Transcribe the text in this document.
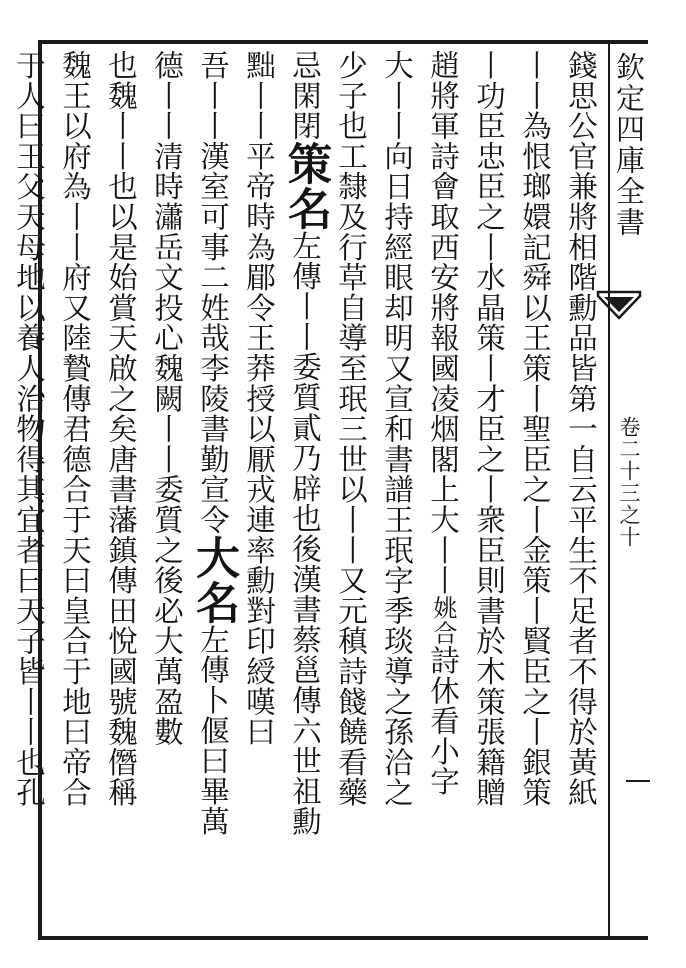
欽定四庫全書
卷二十三之十
錢思公官兼將相階勳品皆第一自云平生不足者不得於黃紙
丨丨為恨瑯嬛記舜以王策丨聖臣之丨金策丨賢臣之丨銀策
丨功臣忠臣之丨水晶策丨才臣之丨衆臣則書於木策張籍贈
趙將軍詩會取西安將報國凌烟閣上大丨丨姚合詩休看小字
大丨丨向日持經眼却明又宣和書譜王珉字季琰導之孫洽之
少子也工隸及行草自導至珉三世以丨丨又元稹詩餞饒看藥
忌閑閉策名左傳丨丨委質貳乃辟也後漢書蔡邕傳六世祖勳
黜丨丨平帝時為郿令王莽授以厭戎連率勳對印綬嘆曰
吾丨丨漢室可事二姓哉李陵書勤宣令大名左傳卜偃曰畢萬
德丨丨清時瀟岳文投心魏闕丨丨委質之後必大萬盈數
也魏丨丨也以是始賞天啟之矣唐書藩鎮傳田悅國號魏僭稱
魏王以府為丨丨府又陸贄傳君德合于天曰皇合于地曰帝合
于人曰王父天母地以養人治物得其宜者曰天子皆丨丨也孔
